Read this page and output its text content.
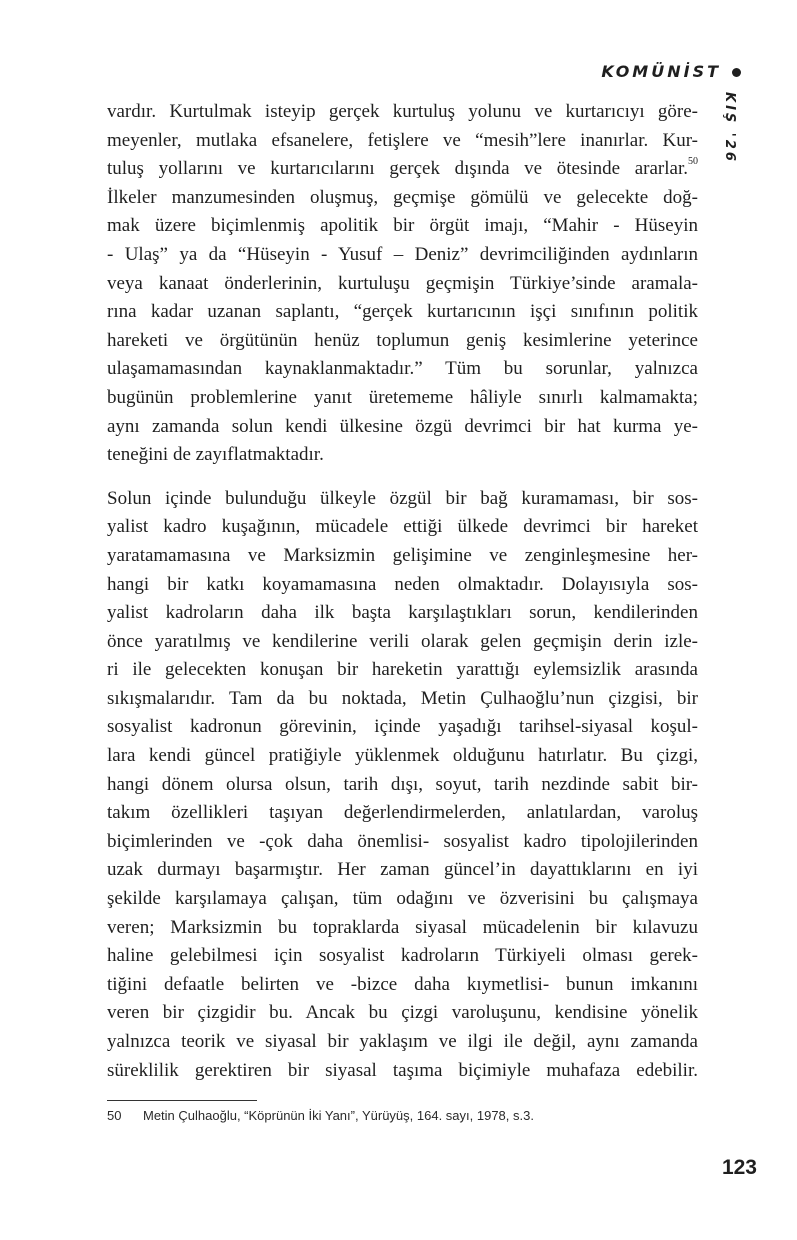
KOMÜNİST
KIŞ '26

vardır. Kurtulmak isteyip gerçek kurtuluş yolunu ve kurtarıcıyı göre-
meyenler, mutlaka efsanelere, fetişlere ve “mesih”lere inanırlar. Kur-
tuluş yollarını ve kurtarıcılarını gerçek dışında ve ötesinde ararlar.$^{50}$
İlkeler manzumesinden oluşmuş, geçmişe gömülü ve gelecekte doğ-
mak üzere biçimlenmiş apolitik bir örgüt imajı, “Mahir - Hüseyin
- Ulaş” ya da “Hüseyin - Yusuf – Deniz” devrimciliğinden aydınların
veya kanaat önderlerinin, kurtuluşu geçmişin Türkiye’sinde aramala-
rına kadar uzanan saplantı, “gerçek kurtarıcının işçi sınıfının politik
hareketi ve örgütünün henüz toplumun geniş kesimlerine yeterince
ulaşamamasından kaynaklanmaktadır.” Tüm bu sorunlar, yalnızca
bugünün problemlerine yanıt üretememe hâliyle sınırlı kalmamakta;
aynı zamanda solun kendi ülkesine özgü devrimci bir hat kurma ye-
teneğini de zayıflatmaktadır.

Solun içinde bulunduğu ülkeyle özgül bir bağ kuramaması, bir sos-
yalist kadro kuşağının, mücadele ettiği ülkede devrimci bir hareket
yaratamamasına ve Marksizmin gelişimine ve zenginleşmesine her-
hangi bir katkı koyamamasına neden olmaktadır. Dolayısıyla sos-
yalist kadroların daha ilk başta karşılaştıkları sorun, kendilerinden
önce yaratılmış ve kendilerine verili olarak gelen geçmişin derin izle-
ri ile gelecekten konuşan bir hareketin yarattığı eylemsizlik arasında
sıkışmalarıdır. Tam da bu noktada, Metin Çulhaoğlu’nun çizgisi, bir
sosyalist kadronun görevinin, içinde yaşadığı tarihsel-siyasal koşul-
lara kendi güncel pratiğiyle yüklenmek olduğunu hatırlatır. Bu çizgi,
hangi dönem olursa olsun, tarih dışı, soyut, tarih nezdinde sabit bir-
takım özellikleri taşıyan değerlendirmelerden, anlatılardan, varoluş
biçimlerinden ve -çok daha önemlisi- sosyalist kadro tipolojilerinden
uzak durmayı başarmıştır. Her zaman güncel’in dayattıklarını en iyi
şekilde karşılamaya çalışan, tüm odağını ve özverisini bu çalışmaya
veren; Marksizmin bu topraklarda siyasal mücadelenin bir kılavuzu
haline gelebilmesi için sosyalist kadroların Türkiyeli olması gerek-
tiğini defaatle belirten ve -bizce daha kıymetlisi- bunun imkanını
veren bir çizgidir bu. Ancak bu çizgi varoluşunu, kendisine yönelik
yalnızca teorik ve siyasal bir yaklaşım ve ilgi ile değil, aynı zamanda
süreklilik gerektiren bir siyasal taşıma biçimiyle muhafaza edebilir.

50 Metin Çulhaoğlu, “Köprünün İki Yanı”, Yürüyüş, 164. sayı, 1978, s.3.
123
